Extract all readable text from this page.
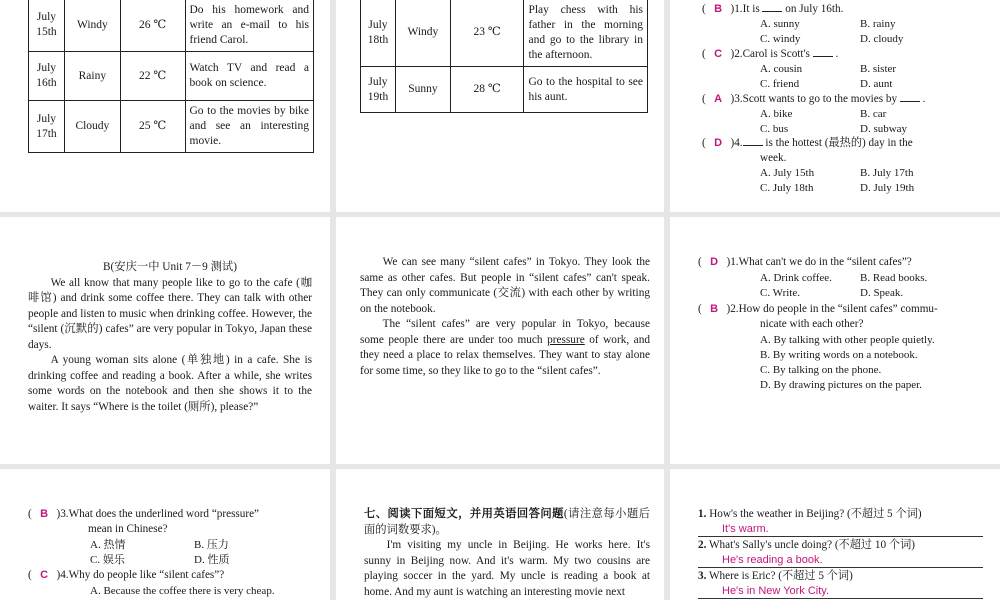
July
15th	Windy	26 ℃	Do his homework and write an e-mail to his friend Carol.
July
16th	Rainy	22 ℃	Watch TV and read a book on science.
July
17th	Cloudy	25 ℃	Go to the movies by bike and see an interesting movie.
July
18th	Windy	23 ℃	Play chess with his father in the morning and go to the library in the afternoon.
July
19th	Sunny	28 ℃	Go to the hospital to see his aunt.
(   B )1.It is on July 16th.
A. sunny	B. rainy
C. windy	D. cloudy
(   C )2.Carol is Scott's .
A. cousin	B. sister
C. friend	D. aunt
(   A )3.Scott wants to go to the movies by .
A. bike	B. car
C. bus	D. subway
(   D )4. is the hottest (最热的) day in the
week.
A. July 15th	B. July 17th
C. July 18th	D. July 19th
B(安庆一中 Unit 7－9 测试)

We all know that many people like to go to the cafe (咖啡馆) and drink some coffee there. They can talk with other people and listen to music when drinking coffee. However, the “silent (沉默的) cafes” are very popular in Tokyo, Japan these days.

A young woman sits alone (单独地) in a cafe. She is drinking coffee and reading a book. After a while, she writes some words on the notebook and then she shows it to the waiter. It says “Where is the toilet (厕所), please?”

We can see many “silent cafes” in Tokyo. They look the same as other cafes. But people in “silent cafes” can't speak. They can only communicate (交流) with each other by writing on the notebook.

The “silent cafes” are very popular in Tokyo, because some people there are under too much pressure of work, and they need a place to relax themselves. They want to stay alone for some time, so they like to go to the “silent cafes”.

(   D )1.What can't we do in the “silent cafes”?
A. Drink coffee.	B. Read books.
C. Write.	D. Speak.
(   B )2.How do people in the “silent cafes” commu-
nicate with each other?
A. By talking with other people quietly.
B. By writing words on a notebook.
C. By talking on the phone.
D. By drawing pictures on the paper.
(   B )3.What does the underlined word “pressure”
mean in Chinese?
A. 热情	B. 压力
C. 娱乐	D. 性质
(   C )4.Why do people like “silent cafes”?
A. Because the coffee there is very cheap.
七、阅读下面短文，并用英语回答问题(请注意每小题后面的词数要求)。

I'm visiting my uncle in Beijing. He works here. It's sunny in Beijing now. And it's warm. My two cousins are playing soccer in the yard. My uncle is reading a book at home. And my aunt is watching an interesting movie next

1. How's the weather in Beijing? (不超过 5 个词)
It's warm.
2. What's Sally's uncle doing? (不超过 10 个词)
He's reading a book.
3. Where is Eric? (不超过 5 个词)
He's in New York City.
